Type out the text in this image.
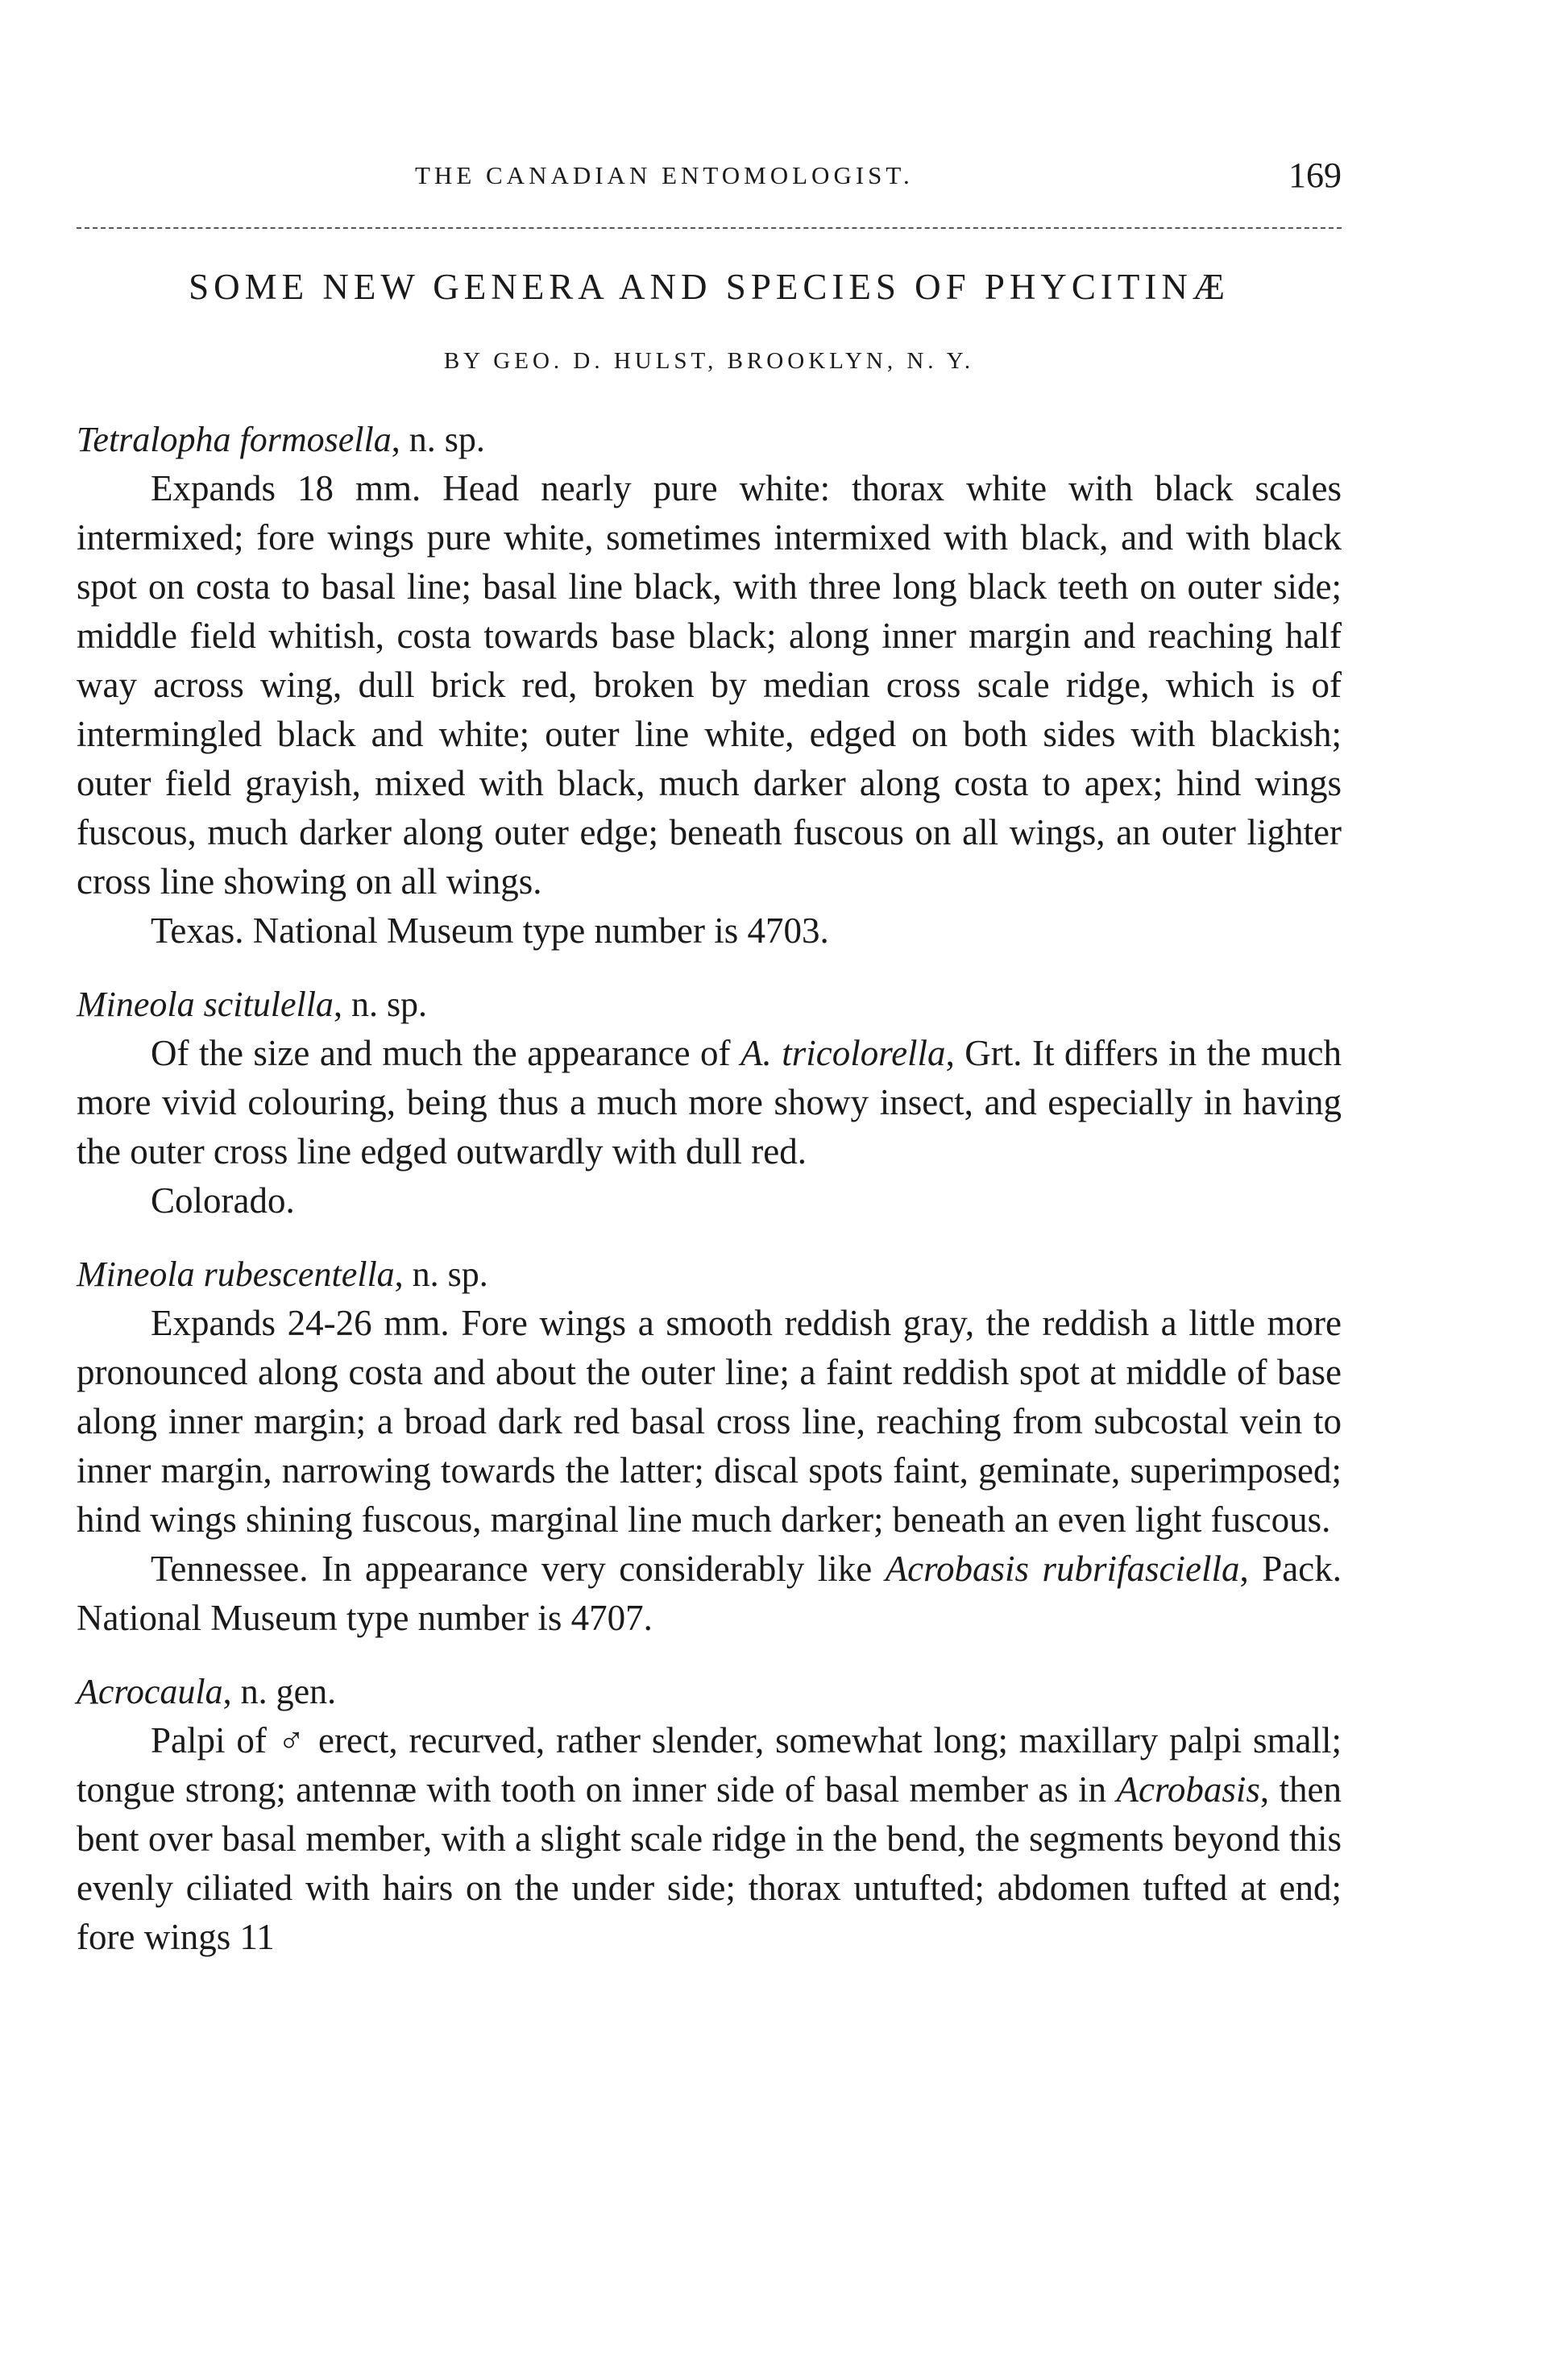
THE CANADIAN ENTOMOLOGIST.	169
SOME NEW GENERA AND SPECIES OF PHYCITINÆ
BY GEO. D. HULST, BROOKLYN, N. Y.

Tetralopha formosella, n. sp.

Expands 18 mm. Head nearly pure white: thorax white with black scales intermixed; fore wings pure white, sometimes intermixed with black, and with black spot on costa to basal line; basal line black, with three long black teeth on outer side; middle field whitish, costa towards base black; along inner margin and reaching half way across wing, dull brick red, broken by median cross scale ridge, which is of intermingled black and white; outer line white, edged on both sides with blackish; outer field grayish, mixed with black, much darker along costa to apex; hind wings fuscous, much darker along outer edge; beneath fuscous on all wings, an outer lighter cross line showing on all wings.

Texas. National Museum type number is 4703.

Mineola scitulella, n. sp.

Of the size and much the appearance of A. tricolorella, Grt. It differs in the much more vivid colouring, being thus a much more showy insect, and especially in having the outer cross line edged outwardly with dull red.

Colorado.

Mineola rubescentella, n. sp.

Expands 24-26 mm. Fore wings a smooth reddish gray, the reddish a little more pronounced along costa and about the outer line; a faint reddish spot at middle of base along inner margin; a broad dark red basal cross line, reaching from subcostal vein to inner margin, narrowing towards the latter; discal spots faint, geminate, superimposed; hind wings shining fuscous, marginal line much darker; beneath an even light fuscous.

Tennessee. In appearance very considerably like Acrobasis rubrifasciella, Pack. National Museum type number is 4707.

Acrocaula, n. gen.

Palpi of ♂ erect, recurved, rather slender, somewhat long; maxillary palpi small; tongue strong; antennæ with tooth on inner side of basal member as in Acrobasis, then bent over basal member, with a slight scale ridge in the bend, the segments beyond this evenly ciliated with hairs on the under side; thorax untufted; abdomen tufted at end; fore wings 11
